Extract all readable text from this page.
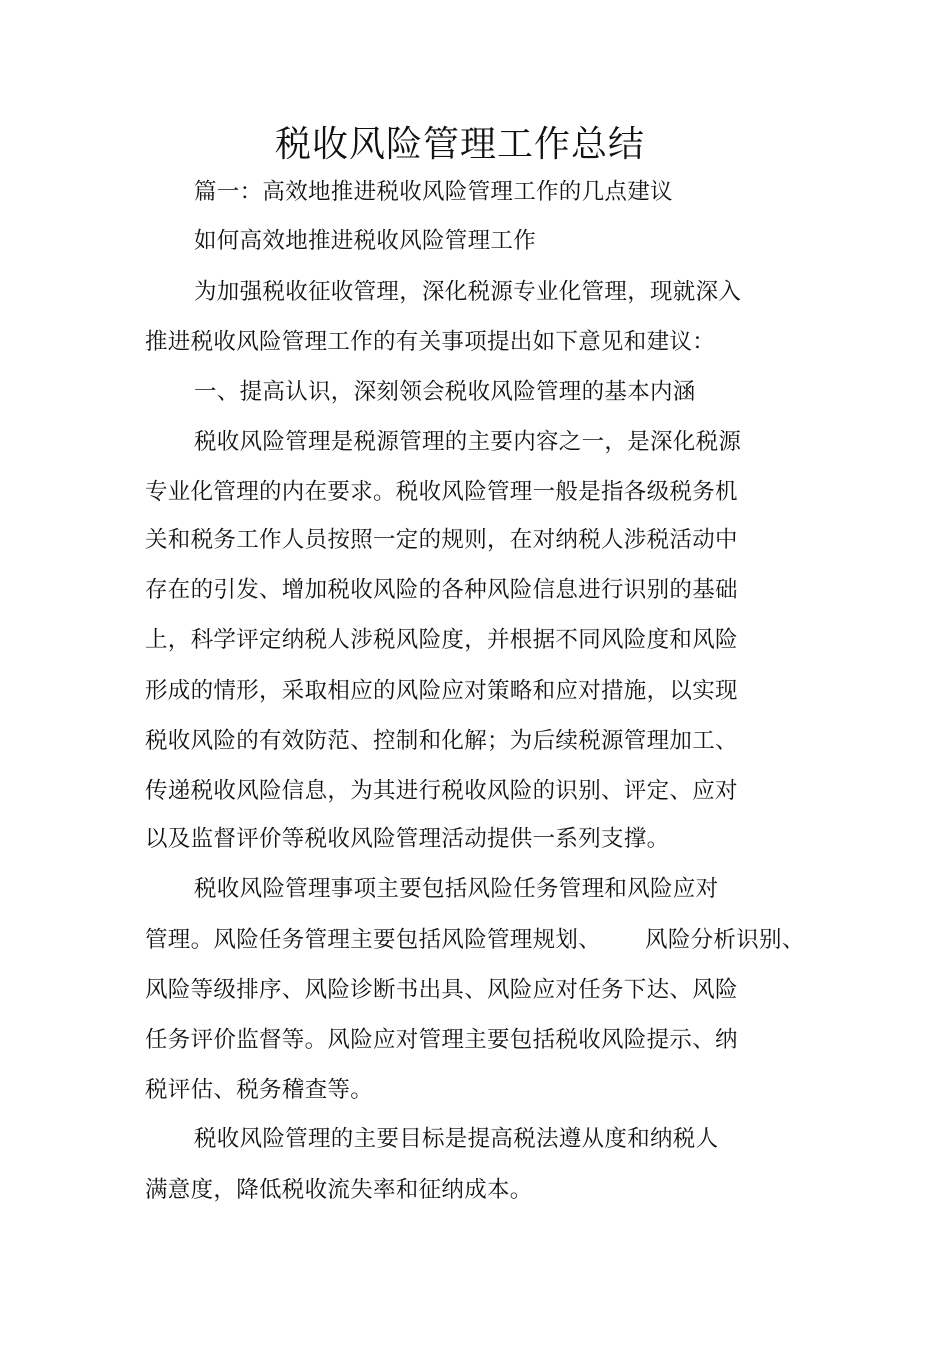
税收风险管理工作总结
篇一：高效地推进税收风险管理工作的几点建议
如何高效地推进税收风险管理工作
为加强税收征收管理，深化税源专业化管理，现就深入
推进税收风险管理工作的有关事项提出如下意见和建议：
一、提高认识，深刻领会税收风险管理的基本内涵
税收风险管理是税源管理的主要内容之一，是深化税源
专业化管理的内在要求。税收风险管理一般是指各级税务机
关和税务工作人员按照一定的规则，在对纳税人涉税活动中
存在的引发、增加税收风险的各种风险信息进行识别的基础
上，科学评定纳税人涉税风险度，并根据不同风险度和风险
形成的情形，采取相应的风险应对策略和应对措施，以实现
税收风险的有效防范、控制和化解；为后续税源管理加工、
传递税收风险信息，为其进行税收风险的识别、评定、应对
以及监督评价等税收风险管理活动提供一系列支撑。
税收风险管理事项主要包括风险任务管理和风险应对
管理。风险任务管理主要包括风险管理规划、 风险分析识别、
风险等级排序、风险诊断书出具、风险应对任务下达、风险
任务评价监督等。风险应对管理主要包括税收风险提示、纳
税评估、税务稽查等。
税收风险管理的主要目标是提高税法遵从度和纳税人
满意度，降低税收流失率和征纳成本。
